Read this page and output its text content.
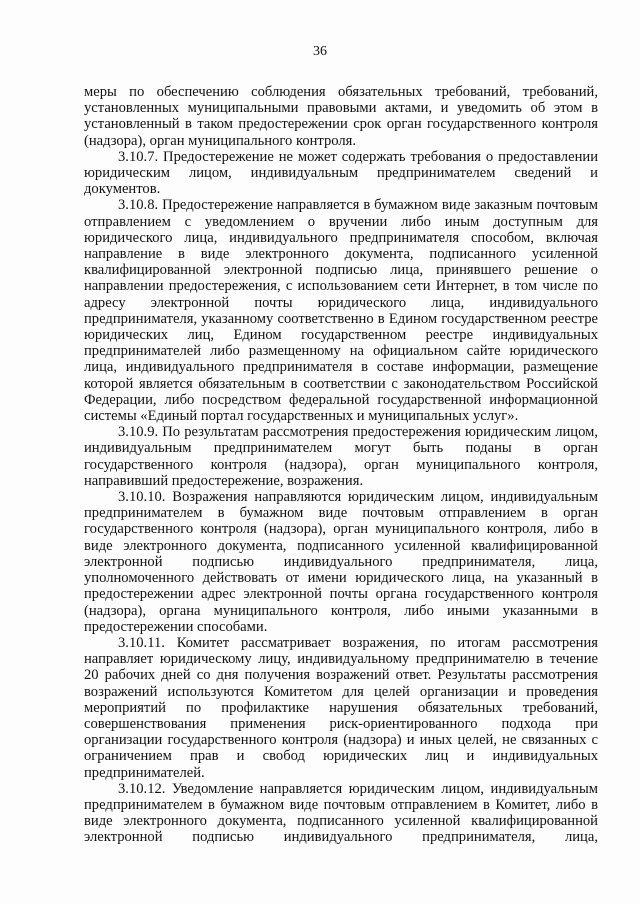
36

меры по обеспечению соблюдения обязательных требований, требований, установленных муниципальными правовыми актами, и уведомить об этом в установленный в таком предостережении срок орган государственного контроля (надзора), орган муниципального контроля.

3.10.7. Предостережение не может содержать требования о предоставлении юридическим лицом, индивидуальным предпринимателем сведений и документов.

3.10.8. Предостережение направляется в бумажном виде заказным почтовым отправлением с уведомлением о вручении либо иным доступным для юридического лица, индивидуального предпринимателя способом, включая направление в виде электронного документа, подписанного усиленной квалифицированной электронной подписью лица, принявшего решение о направлении предостережения, с использованием сети Интернет, в том числе по адресу электронной почты юридического лица, индивидуального предпринимателя, указанному соответственно в Едином государственном реестре юридических лиц, Едином государственном реестре индивидуальных предпринимателей либо размещенному на официальном сайте юридического лица, индивидуального предпринимателя в составе информации, размещение которой является обязательным в соответствии с законодательством Российской Федерации, либо посредством федеральной государственной информационной системы «Единый портал государственных и муниципальных услуг».

3.10.9. По результатам рассмотрения предостережения юридическим лицом, индивидуальным предпринимателем могут быть поданы в орган государственного контроля (надзора), орган муниципального контроля, направивший предостережение, возражения.

3.10.10. Возражения направляются юридическим лицом, индивидуальным предпринимателем в бумажном виде почтовым отправлением в орган государственного контроля (надзора), орган муниципального контроля, либо в виде электронного документа, подписанного усиленной квалифицированной электронной подписью индивидуального предпринимателя, лица, уполномоченного действовать от имени юридического лица, на указанный в предостережении адрес электронной почты органа государственного контроля (надзора), органа муниципального контроля, либо иными указанными в предостережении способами.

3.10.11. Комитет рассматривает возражения, по итогам рассмотрения направляет юридическому лицу, индивидуальному предпринимателю в течение 20 рабочих дней со дня получения возражений ответ. Результаты рассмотрения возражений используются Комитетом для целей организации и проведения мероприятий по профилактике нарушения обязательных требований, совершенствования применения риск-ориентированного подхода при организации государственного контроля (надзора) и иных целей, не связанных с ограничением прав и свобод юридических лиц и индивидуальных предпринимателей.

3.10.12. Уведомление направляется юридическим лицом, индивидуальным предпринимателем в бумажном виде почтовым отправлением в Комитет, либо в виде электронного документа, подписанного усиленной квалифицированной электронной подписью индивидуального предпринимателя, лица,
